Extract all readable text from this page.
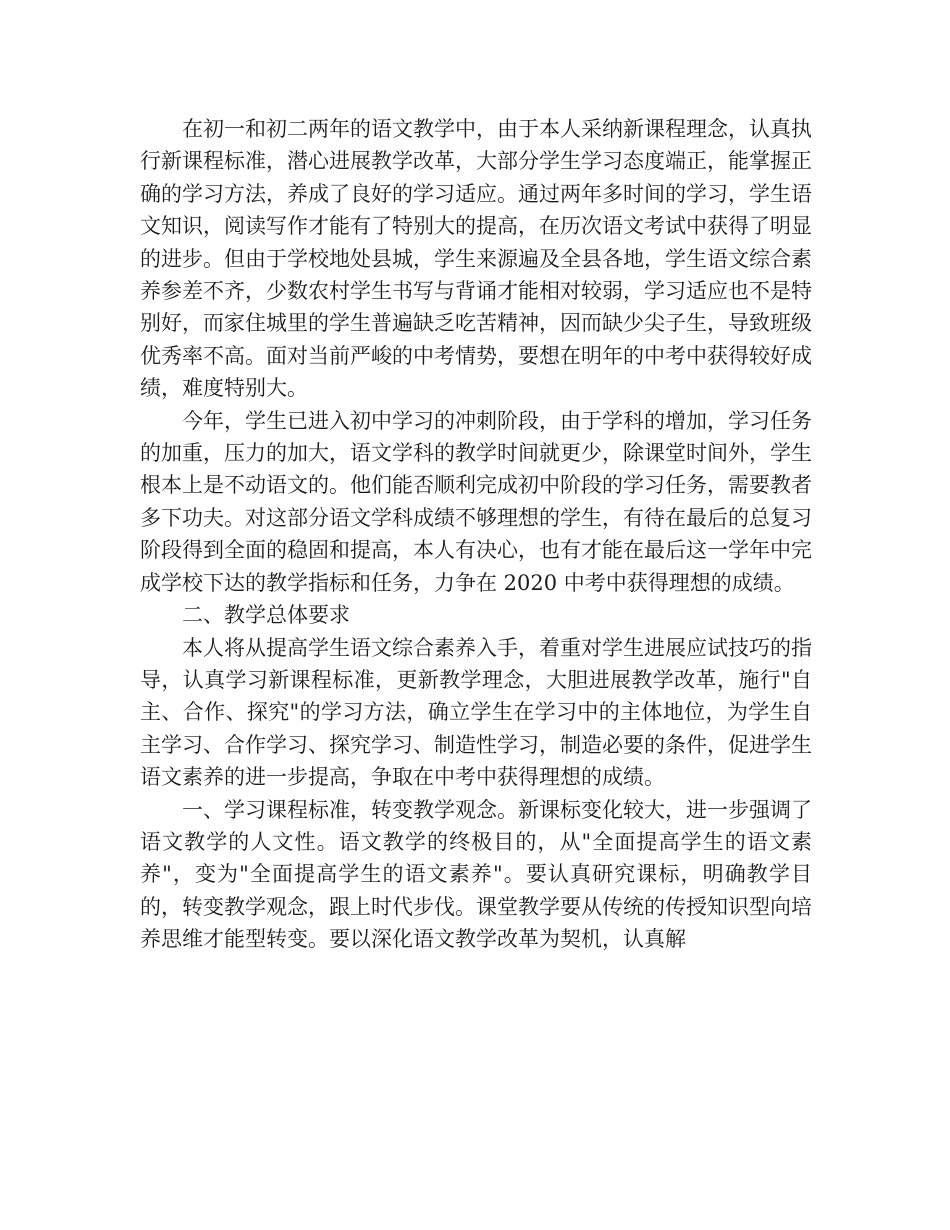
在初一和初二两年的语文教学中，由于本人采纳新课程理念，认真执行新课程标准，潜心进展教学改革，大部分学生学习态度端正，能掌握正确的学习方法，养成了良好的学习适应。通过两年多时间的学习，学生语文知识，阅读写作才能有了特别大的提高，在历次语文考试中获得了明显的进步。但由于学校地处县城，学生来源遍及全县各地，学生语文综合素养参差不齐，少数农村学生书写与背诵才能相对较弱，学习适应也不是特别好，而家住城里的学生普遍缺乏吃苦精神，因而缺少尖子生，导致班级优秀率不高。面对当前严峻的中考情势，要想在明年的中考中获得较好成绩，难度特别大。

今年，学生已进入初中学习的冲刺阶段，由于学科的增加，学习任务的加重，压力的加大，语文学科的教学时间就更少，除课堂时间外，学生根本上是不动语文的。他们能否顺利完成初中阶段的学习任务，需要教者多下功夫。对这部分语文学科成绩不够理想的学生，有待在最后的总复习阶段得到全面的稳固和提高，本人有决心，也有才能在最后这一学年中完成学校下达的教学指标和任务，力争在 2020 中考中获得理想的成绩。

二、教学总体要求

本人将从提高学生语文综合素养入手，着重对学生进展应试技巧的指导，认真学习新课程标准，更新教学理念，大胆进展教学改革，施行"自主、合作、探究"的学习方法，确立学生在学习中的主体地位，为学生自主学习、合作学习、探究学习、制造性学习，制造必要的条件，促进学生语文素养的进一步提高，争取在中考中获得理想的成绩。

一、学习课程标准，转变教学观念。新课标变化较大，进一步强调了语文教学的人文性。语文教学的终极目的，从"全面提高学生的语文素养"，变为"全面提高学生的语文素养"。要认真研究课标，明确教学目的，转变教学观念，跟上时代步伐。课堂教学要从传统的传授知识型向培养思维才能型转变。要以深化语文教学改革为契机，认真解
